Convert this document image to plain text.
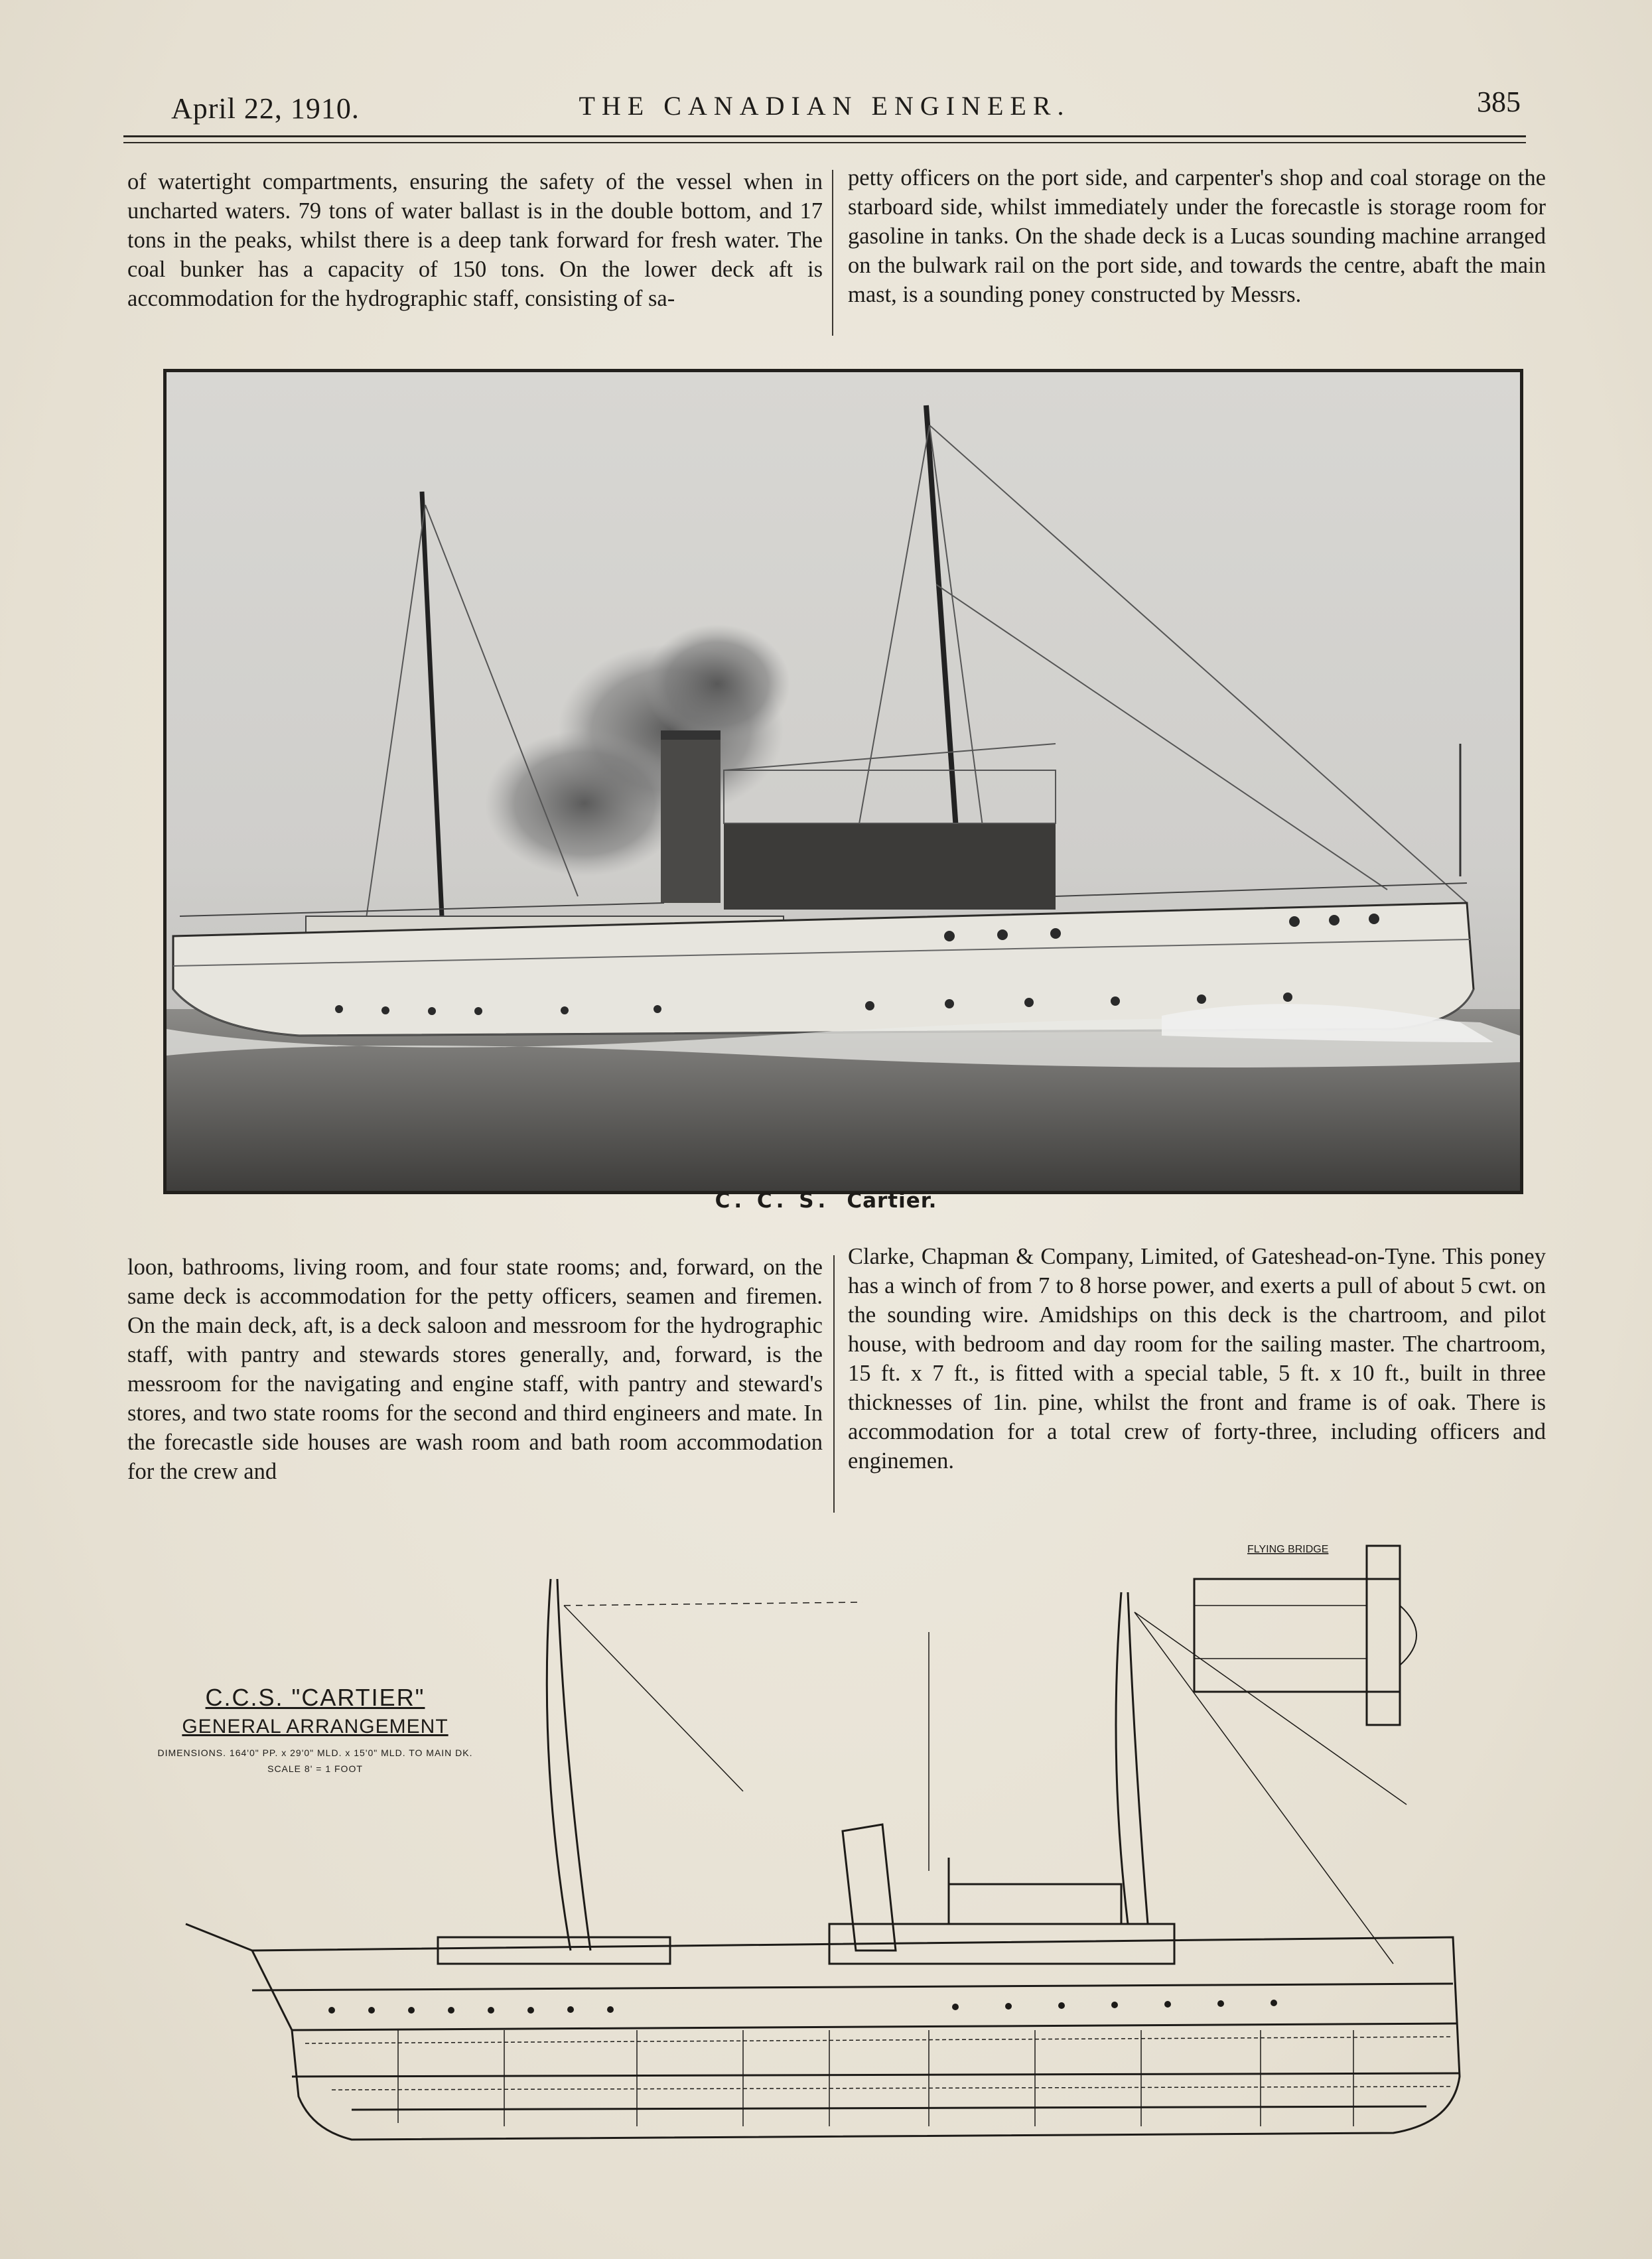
April 22, 1910.	THE CANADIAN ENGINEER.	385

of watertight compartments, ensuring the safety of the vessel when in uncharted waters. 79 tons of water ballast is in the double bottom, and 17 tons in the peaks, whilst there is a deep tank forward for fresh water. The coal bunker has a capacity of 150 tons. On the lower deck aft is accommodation for the hydrographic staff, consisting of sa-

petty officers on the port side, and carpenter's shop and coal storage on the starboard side, whilst immediately under the forecastle is storage room for gasoline in tanks. On the shade deck is a Lucas sounding machine arranged on the bulwark rail on the port side, and towards the centre, abaft the main mast, is a sounding poney constructed by Messrs.

C. C. S. Cartier.

loon, bathrooms, living room, and four state rooms; and, forward, on the same deck is accommodation for the petty officers, seamen and firemen. On the main deck, aft, is a deck saloon and messroom for the hydrographic staff, with pantry and stewards stores generally, and, forward, is the messroom for the navigating and engine staff, with pantry and steward's stores, and two state rooms for the second and third engineers and mate. In the forecastle side houses are wash room and bath room accommodation for the crew and

Clarke, Chapman & Company, Limited, of Gateshead-on-Tyne. This poney has a winch of from 7 to 8 horse power, and exerts a pull of about 5 cwt. on the sounding wire. Amidships on this deck is the chartroom, and pilot house, with bedroom and day room for the sailing master. The chartroom, 15 ft. x 7 ft., is fitted with a special table, 5 ft. x 10 ft., built in three thicknesses of 1in. pine, whilst the front and frame is of oak. There is accommodation for a total crew of forty-three, including officers and enginemen.

FLYING BRIDGE
C.C.S. "CARTIER"
GENERAL ARRANGEMENT
DIMENSIONS. 164'0" PP. x 29'0" MLD. x 15'0" MLD. TO MAIN DK.
SCALE 8' = 1 FOOT
